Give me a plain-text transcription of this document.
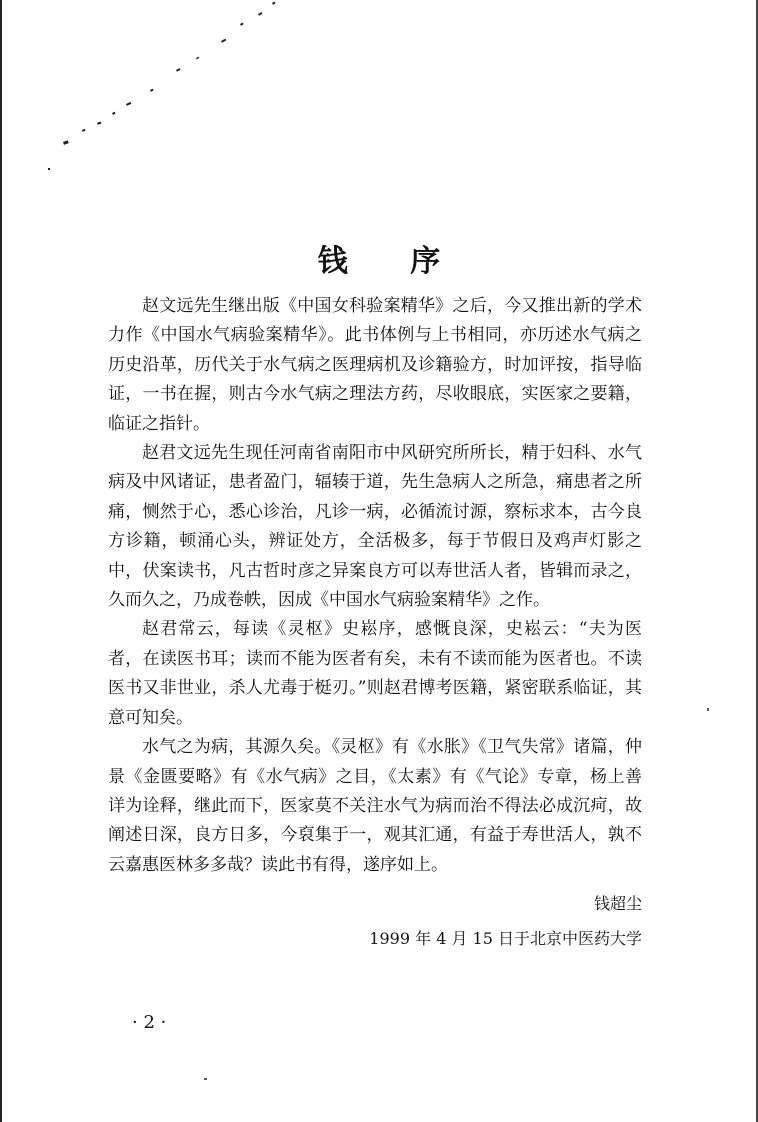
钱 序

赵文远先生继出版《中国女科验案精华》之后，今又推出新的学术力作《中国水气病验案精华》。此书体例与上书相同，亦历述水气病之历史沿革，历代关于水气病之医理病机及诊籍验方，时加评按，指导临证，一书在握，则古今水气病之理法方药，尽收眼底，实医家之要籍，临证之指针。

赵君文远先生现任河南省南阳市中风研究所所长，精于妇科、水气病及中风诸证，患者盈门，辐辏于道，先生急病人之所急，痛患者之所痛，恻然于心，悉心诊治，凡诊一病，必循流讨源，察标求本，古今良方诊籍，顿涌心头，辨证处方，全活极多，每于节假日及鸡声灯影之中，伏案读书，凡古哲时彦之异案良方可以寿世活人者，皆辑而录之，久而久之，乃成卷帙，因成《中国水气病验案精华》之作。

赵君常云，每读《灵枢》史崧序，感慨良深，史崧云：“夫为医者，在读医书耳；读而不能为医者有矣，未有不读而能为医者也。不读医书又非世业，杀人尤毒于梃刃。”则赵君博考医籍，紧密联系临证，其意可知矣。

水气之为病，其源久矣。《灵枢》有《水胀》《卫气失常》诸篇，仲景《金匮要略》有《水气病》之目，《太素》有《气论》专章，杨上善详为诠释，继此而下，医家莫不关注水气为病而治不得法必成沉疴，故阐述日深，良方日多，今裒集于一，观其汇通，有益于寿世活人，孰不云嘉惠医林多多哉？读此书有得，遂序如上。

钱超尘
1999 年 4 月 15 日于北京中医药大学
· 2 ·
